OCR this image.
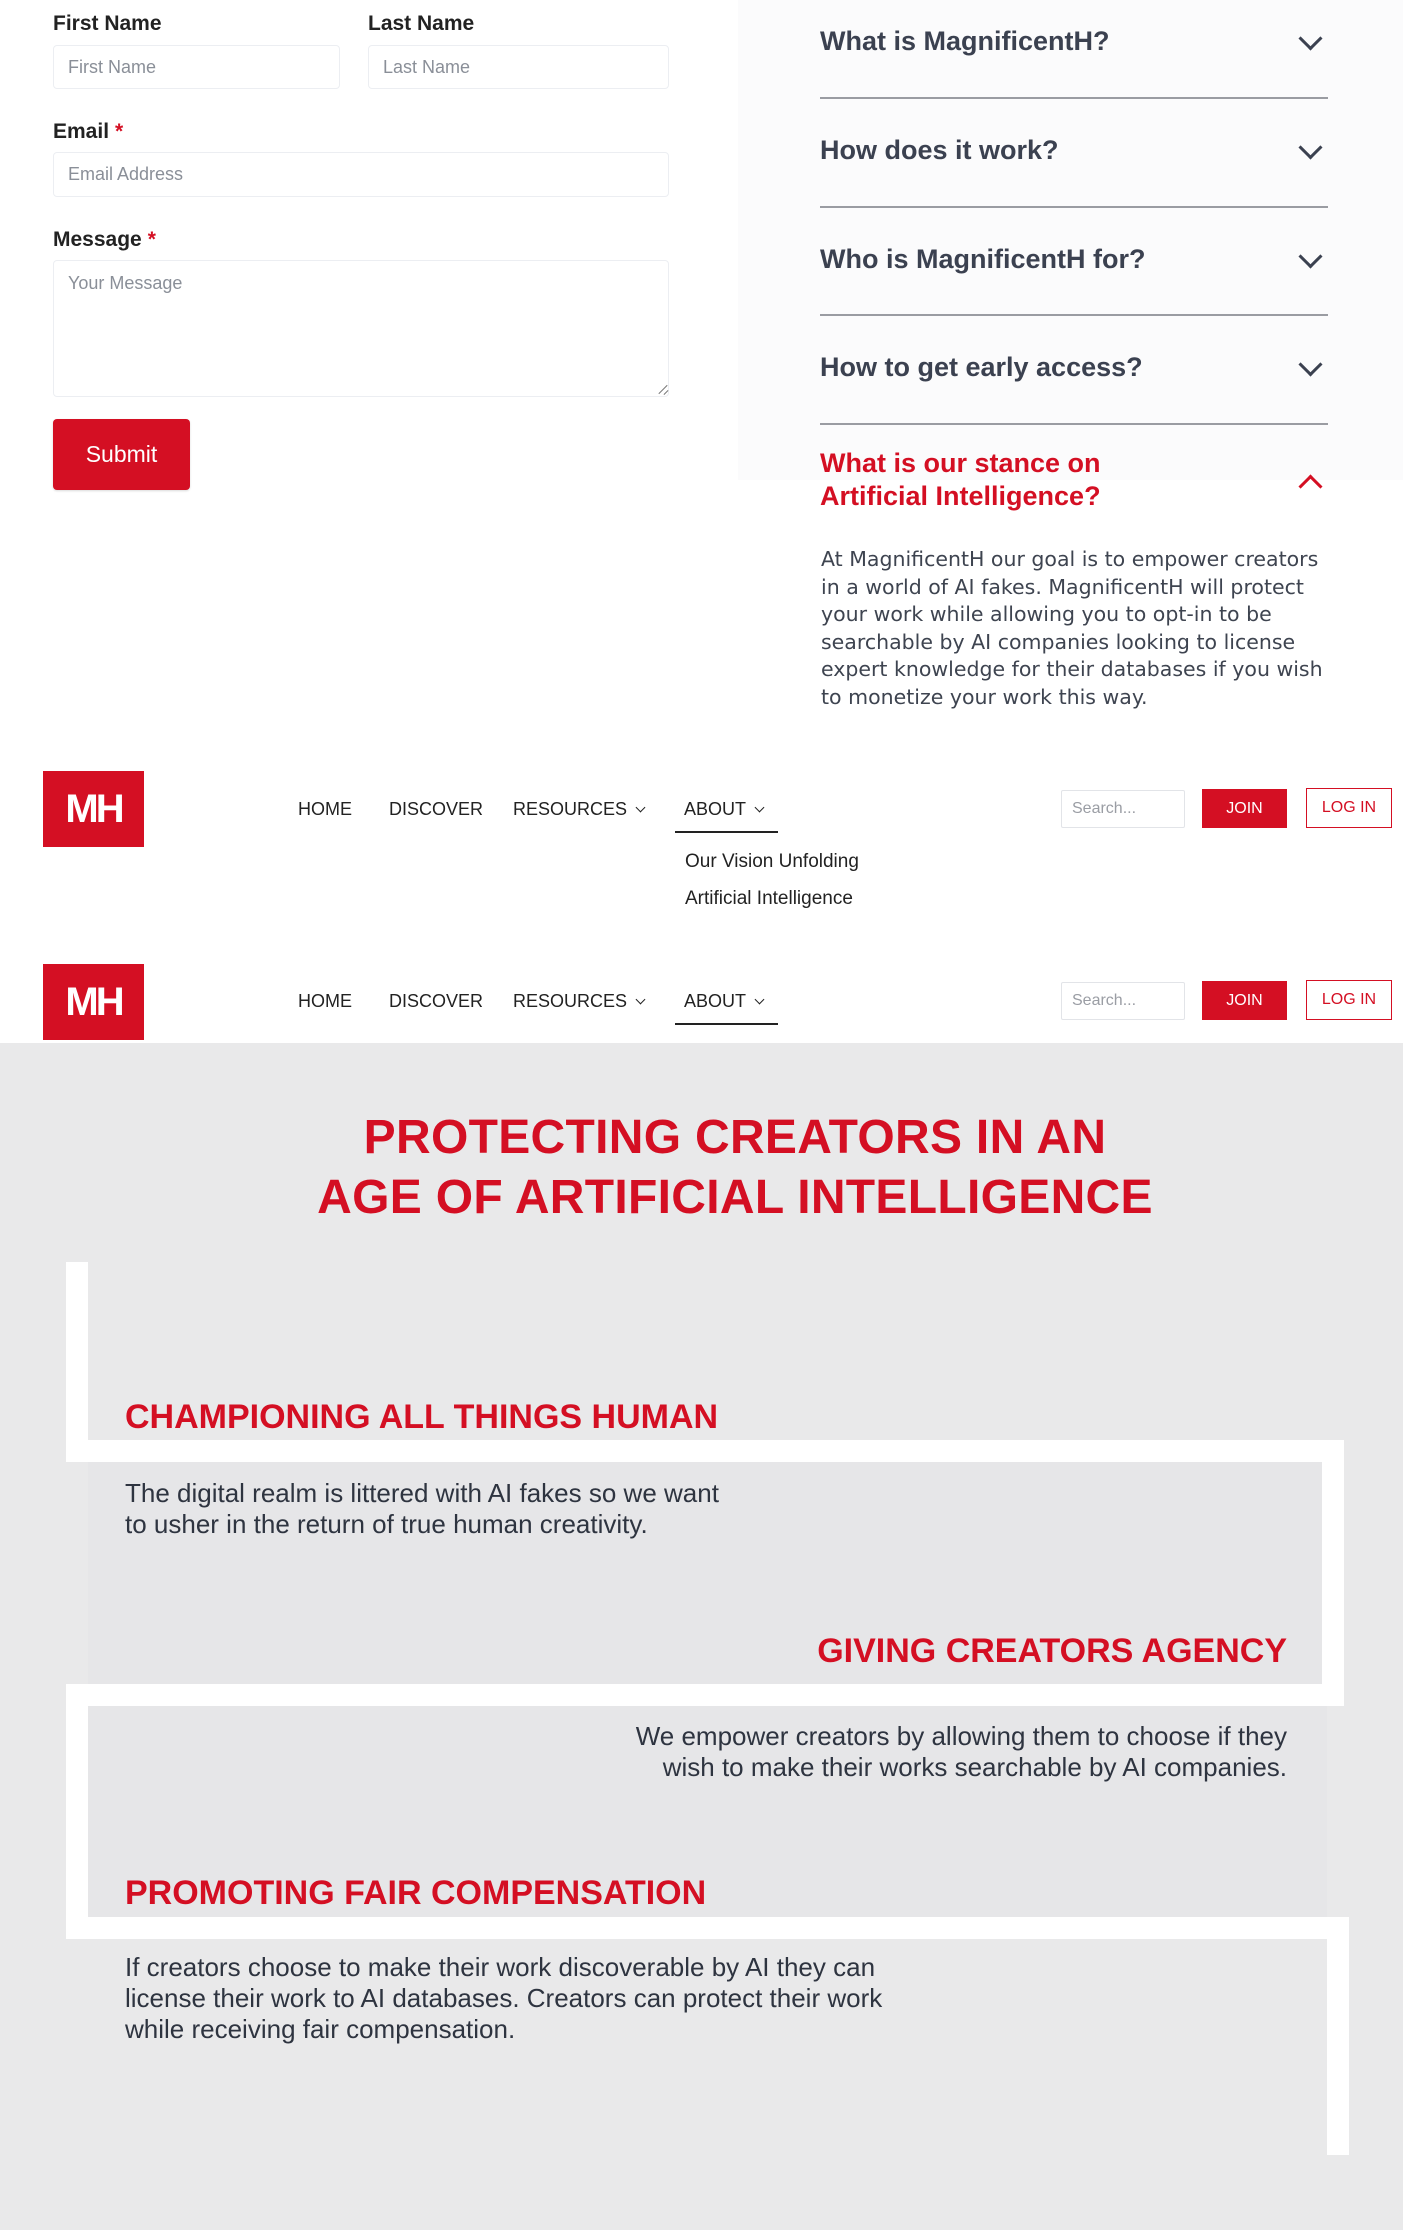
First Name
First Name	Last Name
Last Name
Email *
Email Address
Message *
Your Message
Submit
What is MagnificentH?
How does it work?
Who is MagnificentH for?
How to get early access?
What is our stance on
Artificial Intelligence?

At MagnificentH our goal is to empower creators in a world of AI fakes. MagnificentH will protect your work while allowing you to opt-in to be searchable by AI companies looking to license expert knowledge for their databases if you wish to monetize your work this way.

MH	HOME DISCOVER RESOURCES	ABOUT
Search...	JOIN	LOG IN
Our Vision Unfolding
Artificial Intelligence
MH	HOME DISCOVER RESOURCES	ABOUT
Search...	JOIN	LOG IN
PROTECTING CREATORS IN AN
AGE OF ARTIFICIAL INTELLIGENCE
CHAMPIONING ALL THINGS HUMAN
The digital realm is littered with AI fakes so we want
to usher in the return of true human creativity.
GIVING CREATORS AGENCY
We empower creators by allowing them to choose if they
wish to make their works searchable by AI companies.
PROMOTING FAIR COMPENSATION
If creators choose to make their work discoverable by AI they can
license their work to AI databases. Creators can protect their work
while receiving fair compensation.
